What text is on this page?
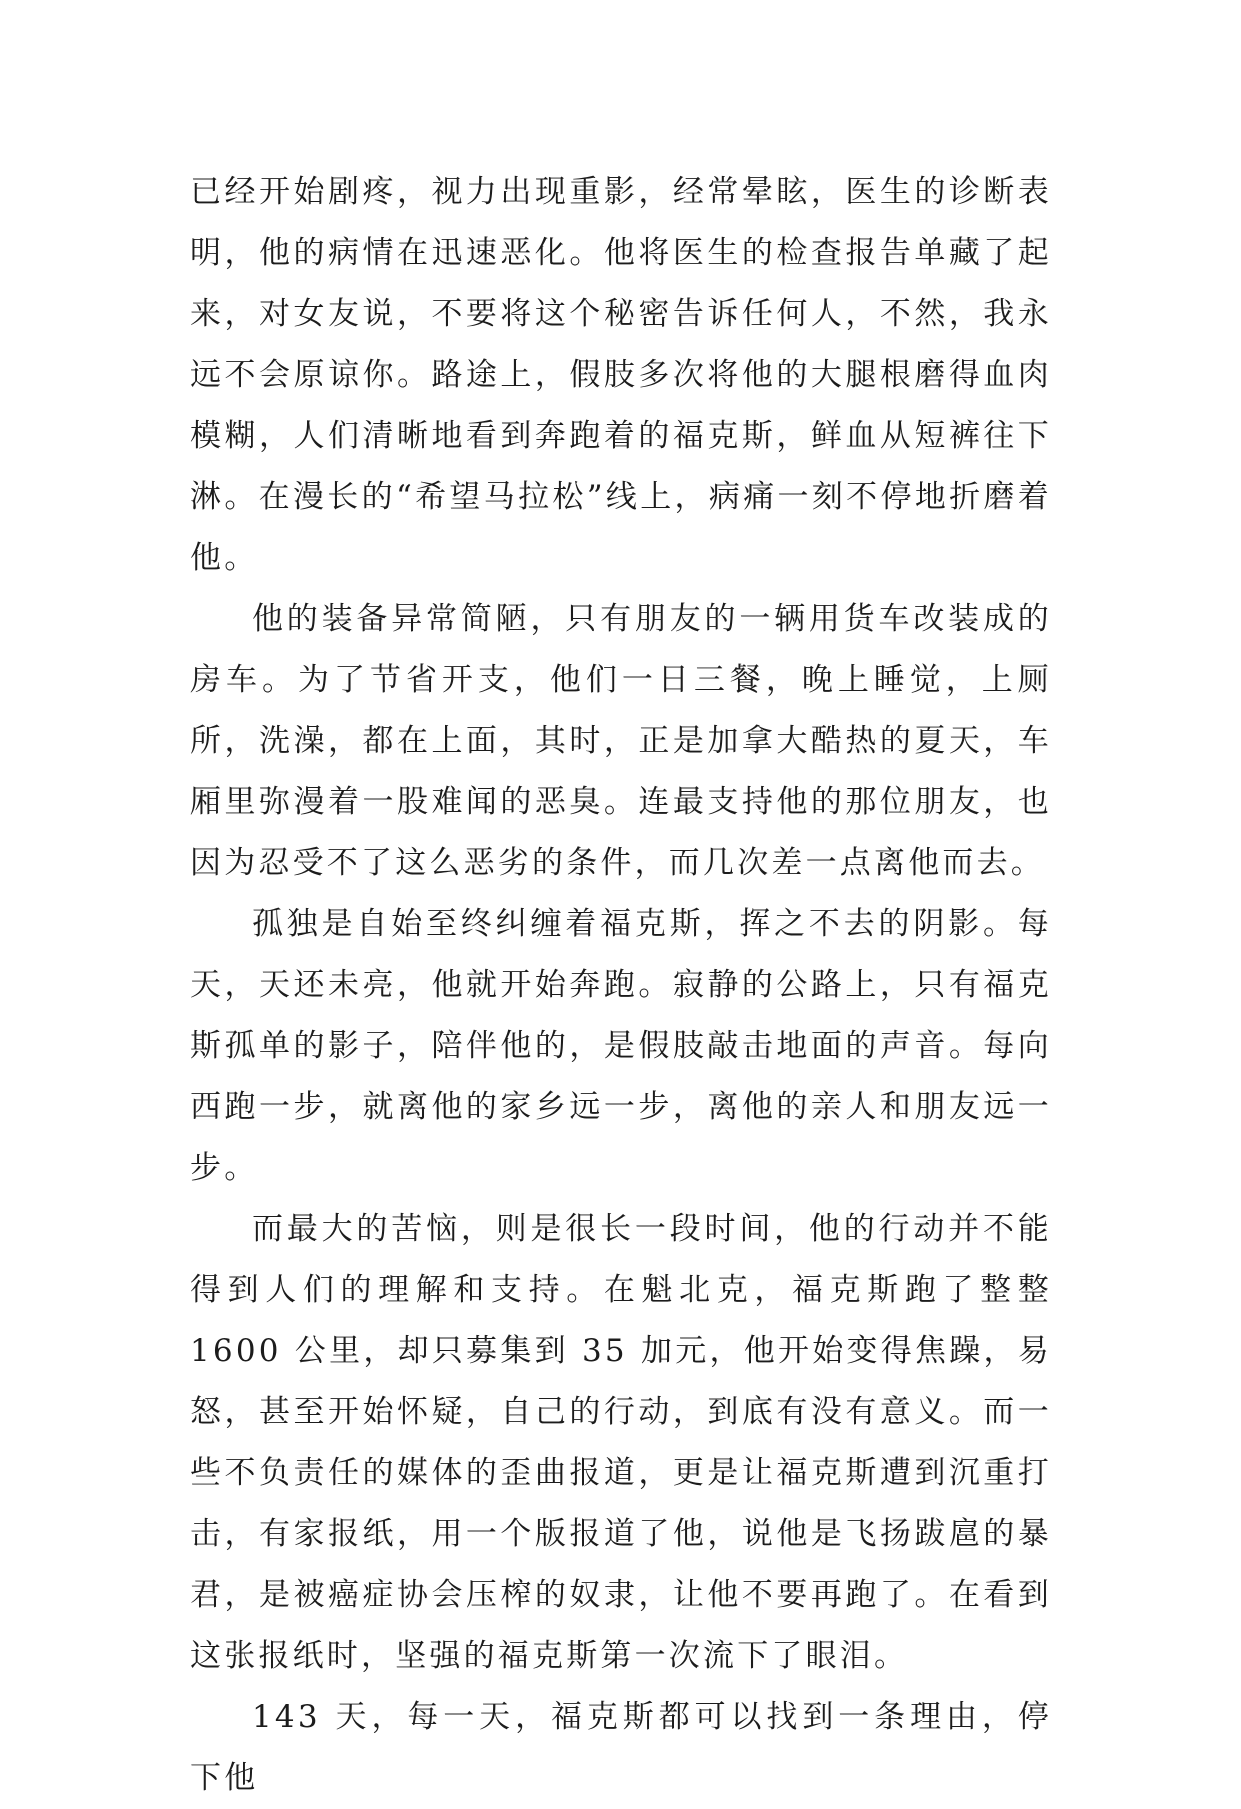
已经开始剧疼，视力出现重影，经常晕眩，医生的诊断表明，他的病情在迅速恶化。他将医生的检查报告单藏了起来，对女友说，不要将这个秘密告诉任何人，不然，我永远不会原谅你。路途上，假肢多次将他的大腿根磨得血肉模糊，人们清晰地看到奔跑着的福克斯，鲜血从短裤往下淋。在漫长的“希望马拉松”线上，病痛一刻不停地折磨着他。

他的装备异常简陋，只有朋友的一辆用货车改装成的房车。为了节省开支，他们一日三餐，晚上睡觉，上厕所，洗澡，都在上面，其时，正是加拿大酷热的夏天，车厢里弥漫着一股难闻的恶臭。连最支持他的那位朋友，也因为忍受不了这么恶劣的条件，而几次差一点离他而去。

孤独是自始至终纠缠着福克斯，挥之不去的阴影。每天，天还未亮，他就开始奔跑。寂静的公路上，只有福克斯孤单的影子，陪伴他的，是假肢敲击地面的声音。每向西跑一步，就离他的家乡远一步，离他的亲人和朋友远一步。

而最大的苦恼，则是很长一段时间，他的行动并不能得到人们的理解和支持。在魁北克，福克斯跑了整整 1600 公里，却只募集到 35 加元，他开始变得焦躁，易怒，甚至开始怀疑，自己的行动，到底有没有意义。而一些不负责任的媒体的歪曲报道，更是让福克斯遭到沉重打击，有家报纸，用一个版报道了他，说他是飞扬跋扈的暴君，是被癌症协会压榨的奴隶，让他不要再跑了。在看到这张报纸时，坚强的福克斯第一次流下了眼泪。

143 天，每一天，福克斯都可以找到一条理由，停下他
